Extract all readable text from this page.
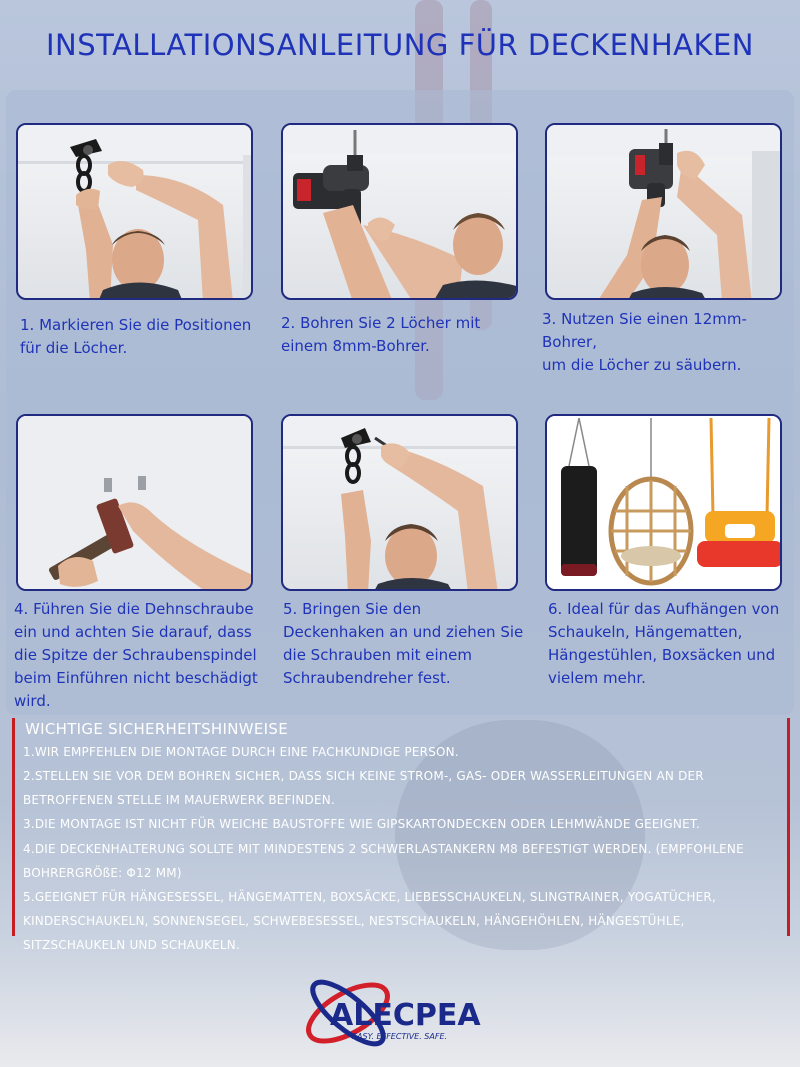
INSTALLATIONSANLEITUNG FÜR DECKENHAKEN

1. Markieren Sie die Positionen
für die Löcher.

2. Bohren Sie 2 Löcher mit
einem 8mm-Bohrer.

3. Nutzen Sie einen 12mm-Bohrer,
um die Löcher zu säubern.

4. Führen Sie die Dehnschraube
ein und achten Sie darauf, dass
die Spitze der Schraubenspindel
beim Einführen nicht beschädigt
wird.

5. Bringen Sie den
Deckenhaken an und ziehen Sie
die Schrauben mit einem
Schraubendreher fest.

6. Ideal für das Aufhängen von
Schaukeln, Hängematten,
Hängestühlen, Boxsäcken und
vielem mehr.

WICHTIGE SICHERHEITSHINWEISE

1.WIR EMPFEHLEN DIE MONTAGE DURCH EINE FACHKUNDIGE PERSON.

2.STELLEN SIE VOR DEM BOHREN SICHER, DASS SICH KEINE STROM-, GAS- ODER WASSERLEITUNGEN AN DER

BETROFFENEN STELLE IM MAUERWERK BEFINDEN.

3.DIE MONTAGE IST NICHT FÜR WEICHE BAUSTOFFE WIE GIPSKARTONDECKEN ODER LEHMWÄNDE GEEIGNET.

4.DIE DECKENHALTERUNG SOLLTE MIT MINDESTENS 2 SCHWERLASTANKERN M8 BEFESTIGT WERDEN. (EMPFOHLENE

BOHRERGRÖßE: Φ12 MM)

5.GEEIGNET FÜR HÄNGESESSEL, HÄNGEMATTEN, BOXSÄCKE, LIEBESSCHAUKELN, SLINGTRAINER, YOGATÜCHER,

KINDERSCHAUKELN, SONNENSEGEL, SCHWEBESESSEL, NESTSCHAUKELN, HÄNGEHÖHLEN, HÄNGESTÜHLE,

SITZSCHAUKELN UND SCHAUKELN.

ALECPEA
EASY. EFFECTIVE. SAFE.
